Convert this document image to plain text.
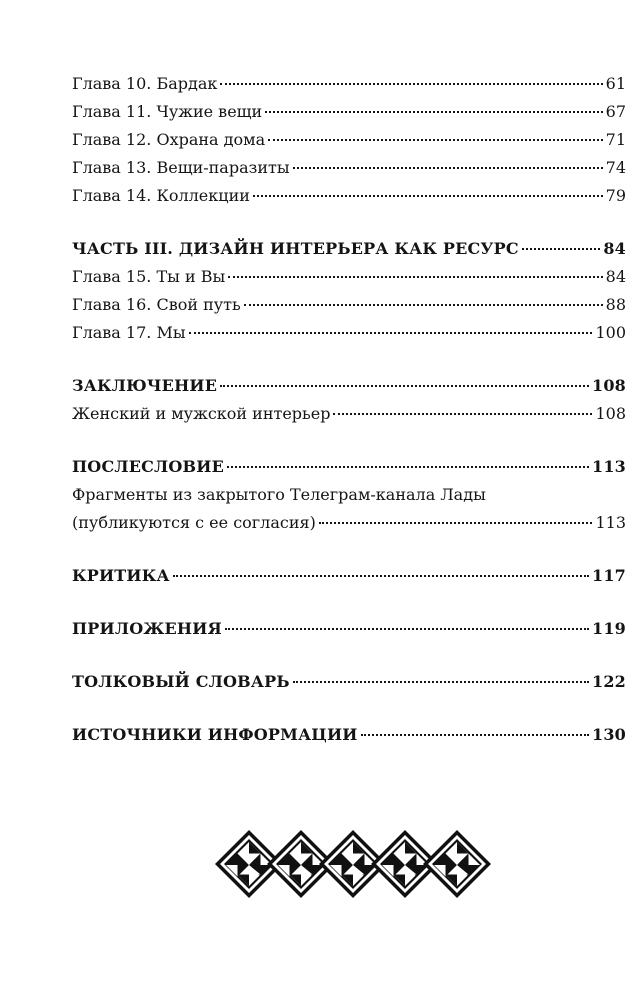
Глава 10. Бардак	61
Глава 11. Чужие вещи	67
Глава 12. Охрана дома	71
Глава 13. Вещи-паразиты	74
Глава 14. Коллекции	79
ЧАСТЬ III. ДИЗАЙН ИНТЕРЬЕРА КАК РЕСУРС	84
Глава 15. Ты и Вы	84
Глава 16. Свой путь	88
Глава 17. Мы	100
ЗАКЛЮЧЕНИЕ	108
Женский и мужской интерьер	108
ПОСЛЕСЛОВИЕ	113
Фрагменты из закрытого Телеграм-канала Лады
(публикуются с ее согласия)	113
КРИТИКА	117
ПРИЛОЖЕНИЯ	119
ТОЛКОВЫЙ СЛОВАРЬ	122
ИСТОЧНИКИ ИНФОРМАЦИИ	130
